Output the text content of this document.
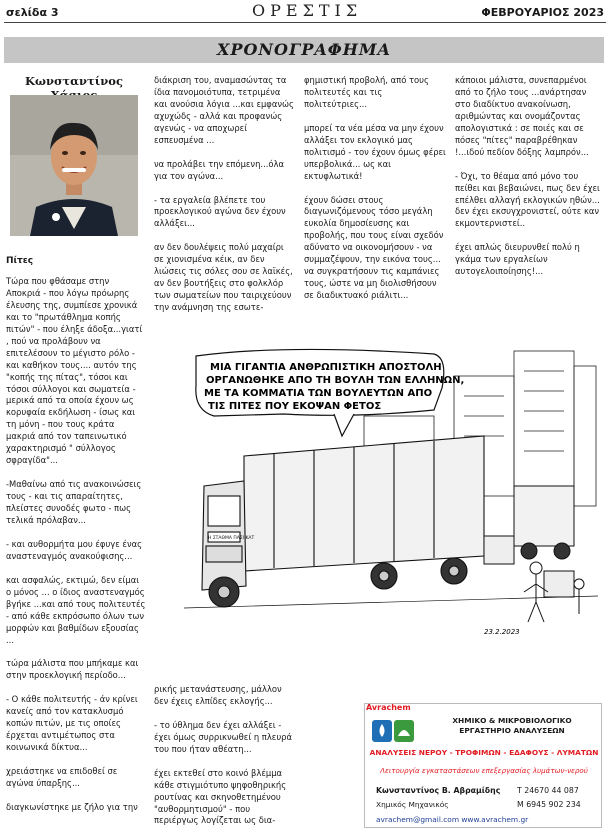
σελίδα 3	ΟΡΕΣΤΙΣ	ΦΕΒΡΟΥΑΡΙΟΣ 2023
ΧΡΟΝΟΓΡΑΦΗΜΑ
Κωνσταντίνος
Πίτες

Τώρα που φθάσαμε στην Αποκριά - που λόγω πρόωρης έλευσης της, συμπίεσε χρονικά και το "πρωτάθλημα κοπής πιτών" - που έληξε άδοξα...γιατί , πού να προλάβουν να επιτελέσουν το μέγιστο ρόλο - και καθήκον τους.... αυτόν της "κοπής της πίτας", τόσοι και τόσοι σύλλογοι και σωματεία - μερικά από τα οποία έχουν ως κορυφαία εκδήλωση - ίσως και τη μόνη - που τους κράτα μακριά από τον ταπεινωτικό χαρακτηρισμό " σύλλογος σφραγίδα"...

-Μαθαίνω από τις ανακοινώσεις τους - και τις απαραίτητες, πλείστες συνοδές φωτο - πως τελικά πρόλαβαν...

- και αυθορμήτα μου έφυγε ένας αναστεναγμός ανακούφισης...

και ασφαλώς, εκτιμώ, δεν είμαι ο μόνος ... ο ίδιος αναστεναγμός βγήκε ...και από τους πολιτευτές - από κάθε εκπρόσωπο όλων των μορφών και βαθμίδων εξουσίας ...

τώρα μάλιστα που μπήκαμε και στην προεκλογική περίοδο...

- Ο κάθε πολιτευτής - άν κρίνει κανείς από τον κατακλυσμό κοπών πιτών, με τις οποίες έρχεται αντιμέτωπος στα κοινωνικά δίκτυα...

χρειάστηκε να επιδοθεί σε αγώνα ύπαρξης...

διαγκωνίστηκε με ζήλο για την

διάκριση του, αναμασώντας τα ίδια πανομοιότυπα, τετριμένα και ανούσια λόγια ...και εμφανώς αχυχώδς - αλλά και προφανώς αγενώς - να αποχωρεί εσπευσμένα ...

να προλάβει την επόμενη...όλα για τον αγώνα...

- τα εργαλεία βλέπετε του προεκλογικού αγώνα δεν έχουν αλλάξει...

αν δεν δουλέψεις πολύ μαχαίρι σε χιονισμένα κέικ, αν δεν λιώσεις τις σόλες σου σε λαϊκές, αν δεν βουτήξεις στο φολκλόρ των σωματείων που ταιριχεύουν την ανάμνηση της εσωτε-

ρικής μετανάστευσης, μάλλον δεν έχεις ελπίδες εκλογής...

- το ύθλημα δεν έχει αλλάξει - έχει όμως συρρικνωθεί η πλευρά του που ήταν αθέατη...

έχει εκτεθεί στο κοινό βλέμμα κάθε στιγμιότυπο ψηφοθηρικής ρουτίνας και σκηνοθετημένου "αυθορμητισμού" - που περιέργως λογίζεται ως δια-

φημιστική προβολή, από τους πολιτευτές και τις πολιτεύτριες...

μπορεί τα νέα μέσα να μην έχουν αλλάξει τον εκλογικό μας πολιτισμό - τον έχουν όμως φέρει υπερβολικά... ως και εκτυφλωτικά!

έχουν δώσει στους διαγωνιζόμενους τόσο μεγάλη ευκολία δημοσίευσης και προβολής, που τους είναι σχεδόν αδύνατο να οικονομήσουν - να συμμαζέψουν, την εικόνα τους... να συγκρατήσουν τις καμπάνιες τους, ώστε να μη διολισθήσουν σε διαδικτυακό ριάλιτι...

κάποιοι μάλιστα, συνεπαρμένοι από το ζήλο τους ...ανάρτησαν στο διαδίκτυο ανακοίνωση, αριθμώντας και ονομάζοντας απολογιστικά : σε ποιές και σε πόσες "πίτες" παραβρέθηκαν !...ιδού πεδίον δόξης λαμπρόν...

- Όχι, το θέαμα από μόνο του πείθει και βεβαιώνει, πως δεν έχει επέλθει αλλαγή εκλογικών ηθών... δεν έχει εκσυγχρονιστεί, ούτε καν εκμοντερνιστεί..

έχει απλώς διευρυνθεί πολύ η γκάμα των εργαλείων αυτογελοιποίησης!...

ΜΙΑ ΓΙΓΑΝΤΙΑ ΑΝΘΡΩΠΙΣΤΙΚΗ ΑΠΟΣΤΟΛΗ
ΟΡΓΑΝΩΘΗΚΕ ΑΠΟ ΤΗ ΒΟΥΛΗ ΤΩΝ ΕΛΛΗΝΩΝ,
ΜΕ ΤΑ ΚΟΜΜΑΤΙΑ ΤΩΝ ΒΟΥΛΕΥΤΩΝ ΑΠΟ
ΤΙΣ ΠΙΤΕΣ ΠΟΥ ΕΚΟΨΑΝ ΦΕΤΟΣ
Η ΣΤΑΘΜΑ ΠΑΣΙ ΚΑΤ
23.2.2023
Avrachem
ΧΗΜΙΚΟ & ΜΙΚΡΟΒΙΟΛΟΓΙΚΟ
ΕΡΓΑΣΤΗΡΙΟ ΑΝΑΛΥΣΕΩΝ
ΑΝΑΛΥΣΕΙΣ ΝΕΡΟΥ - ΤΡΟΦΙΜΩΝ - ΕΔΑΦΟΥΣ - ΛΥΜΑΤΩΝ
Λειτουργία εγκαταστάσεων επεξεργασίας λυμάτων-νερού
Κωνσταντίνος Β. Αβραμίδης
Χημικός Μηχανικός
Τ 24670 44 087
Μ 6945 902 234
avrachem@gmail.com www.avrachem.gr
